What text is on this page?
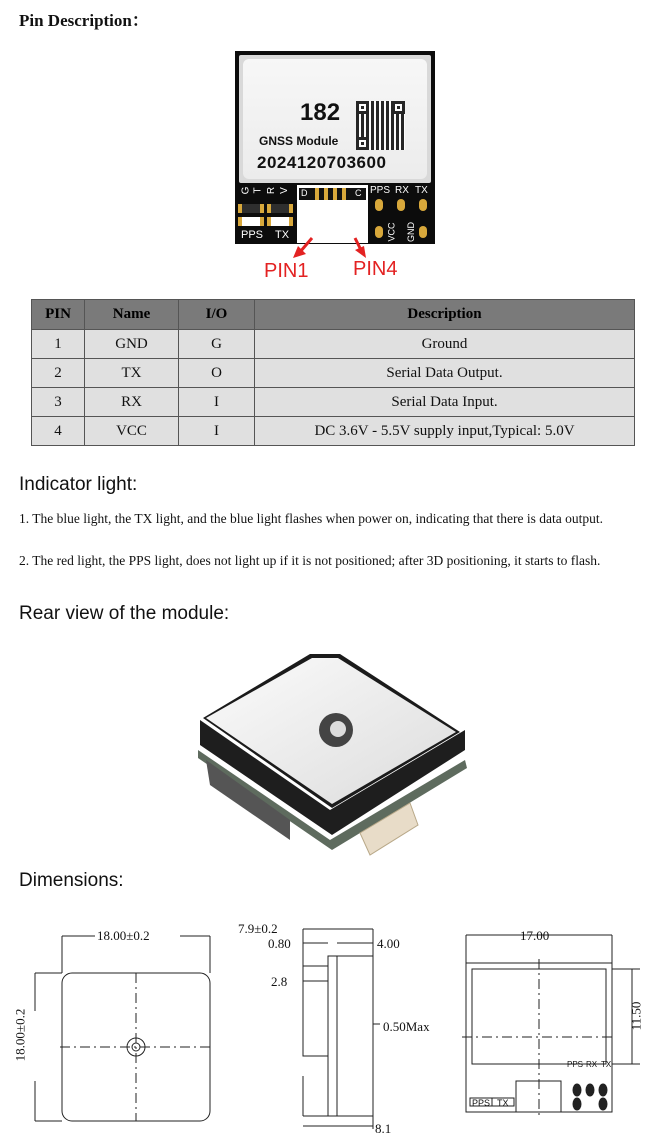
Pin Description：
182
GNSS Module
2024120703600
G T R V
PPS TX
D	C PPS RX TX
VCC GND
PIN1 PIN4
PIN	Name	I/O	Description
1	GND	G	Ground
2	TX	O	Serial Data Output.
3	RX	I	Serial Data Input.
4	VCC	I	DC 3.6V - 5.5V supply input,Typical: 5.0V
Indicator light:
1. The blue light, the TX light, and the blue light flashes when power on, indicating that there is data output.
2. The red light, the PPS light, does not light up if it is not positioned; after 3D positioning, it starts to flash.
Rear view of the module:
Dimensions:
18.00±0.2
18.00±0.2
7.9±0.2
0.80	4.00
2.8
0.50Max
8.1
17.00
11.50
PPS RX TX
PPS TX
